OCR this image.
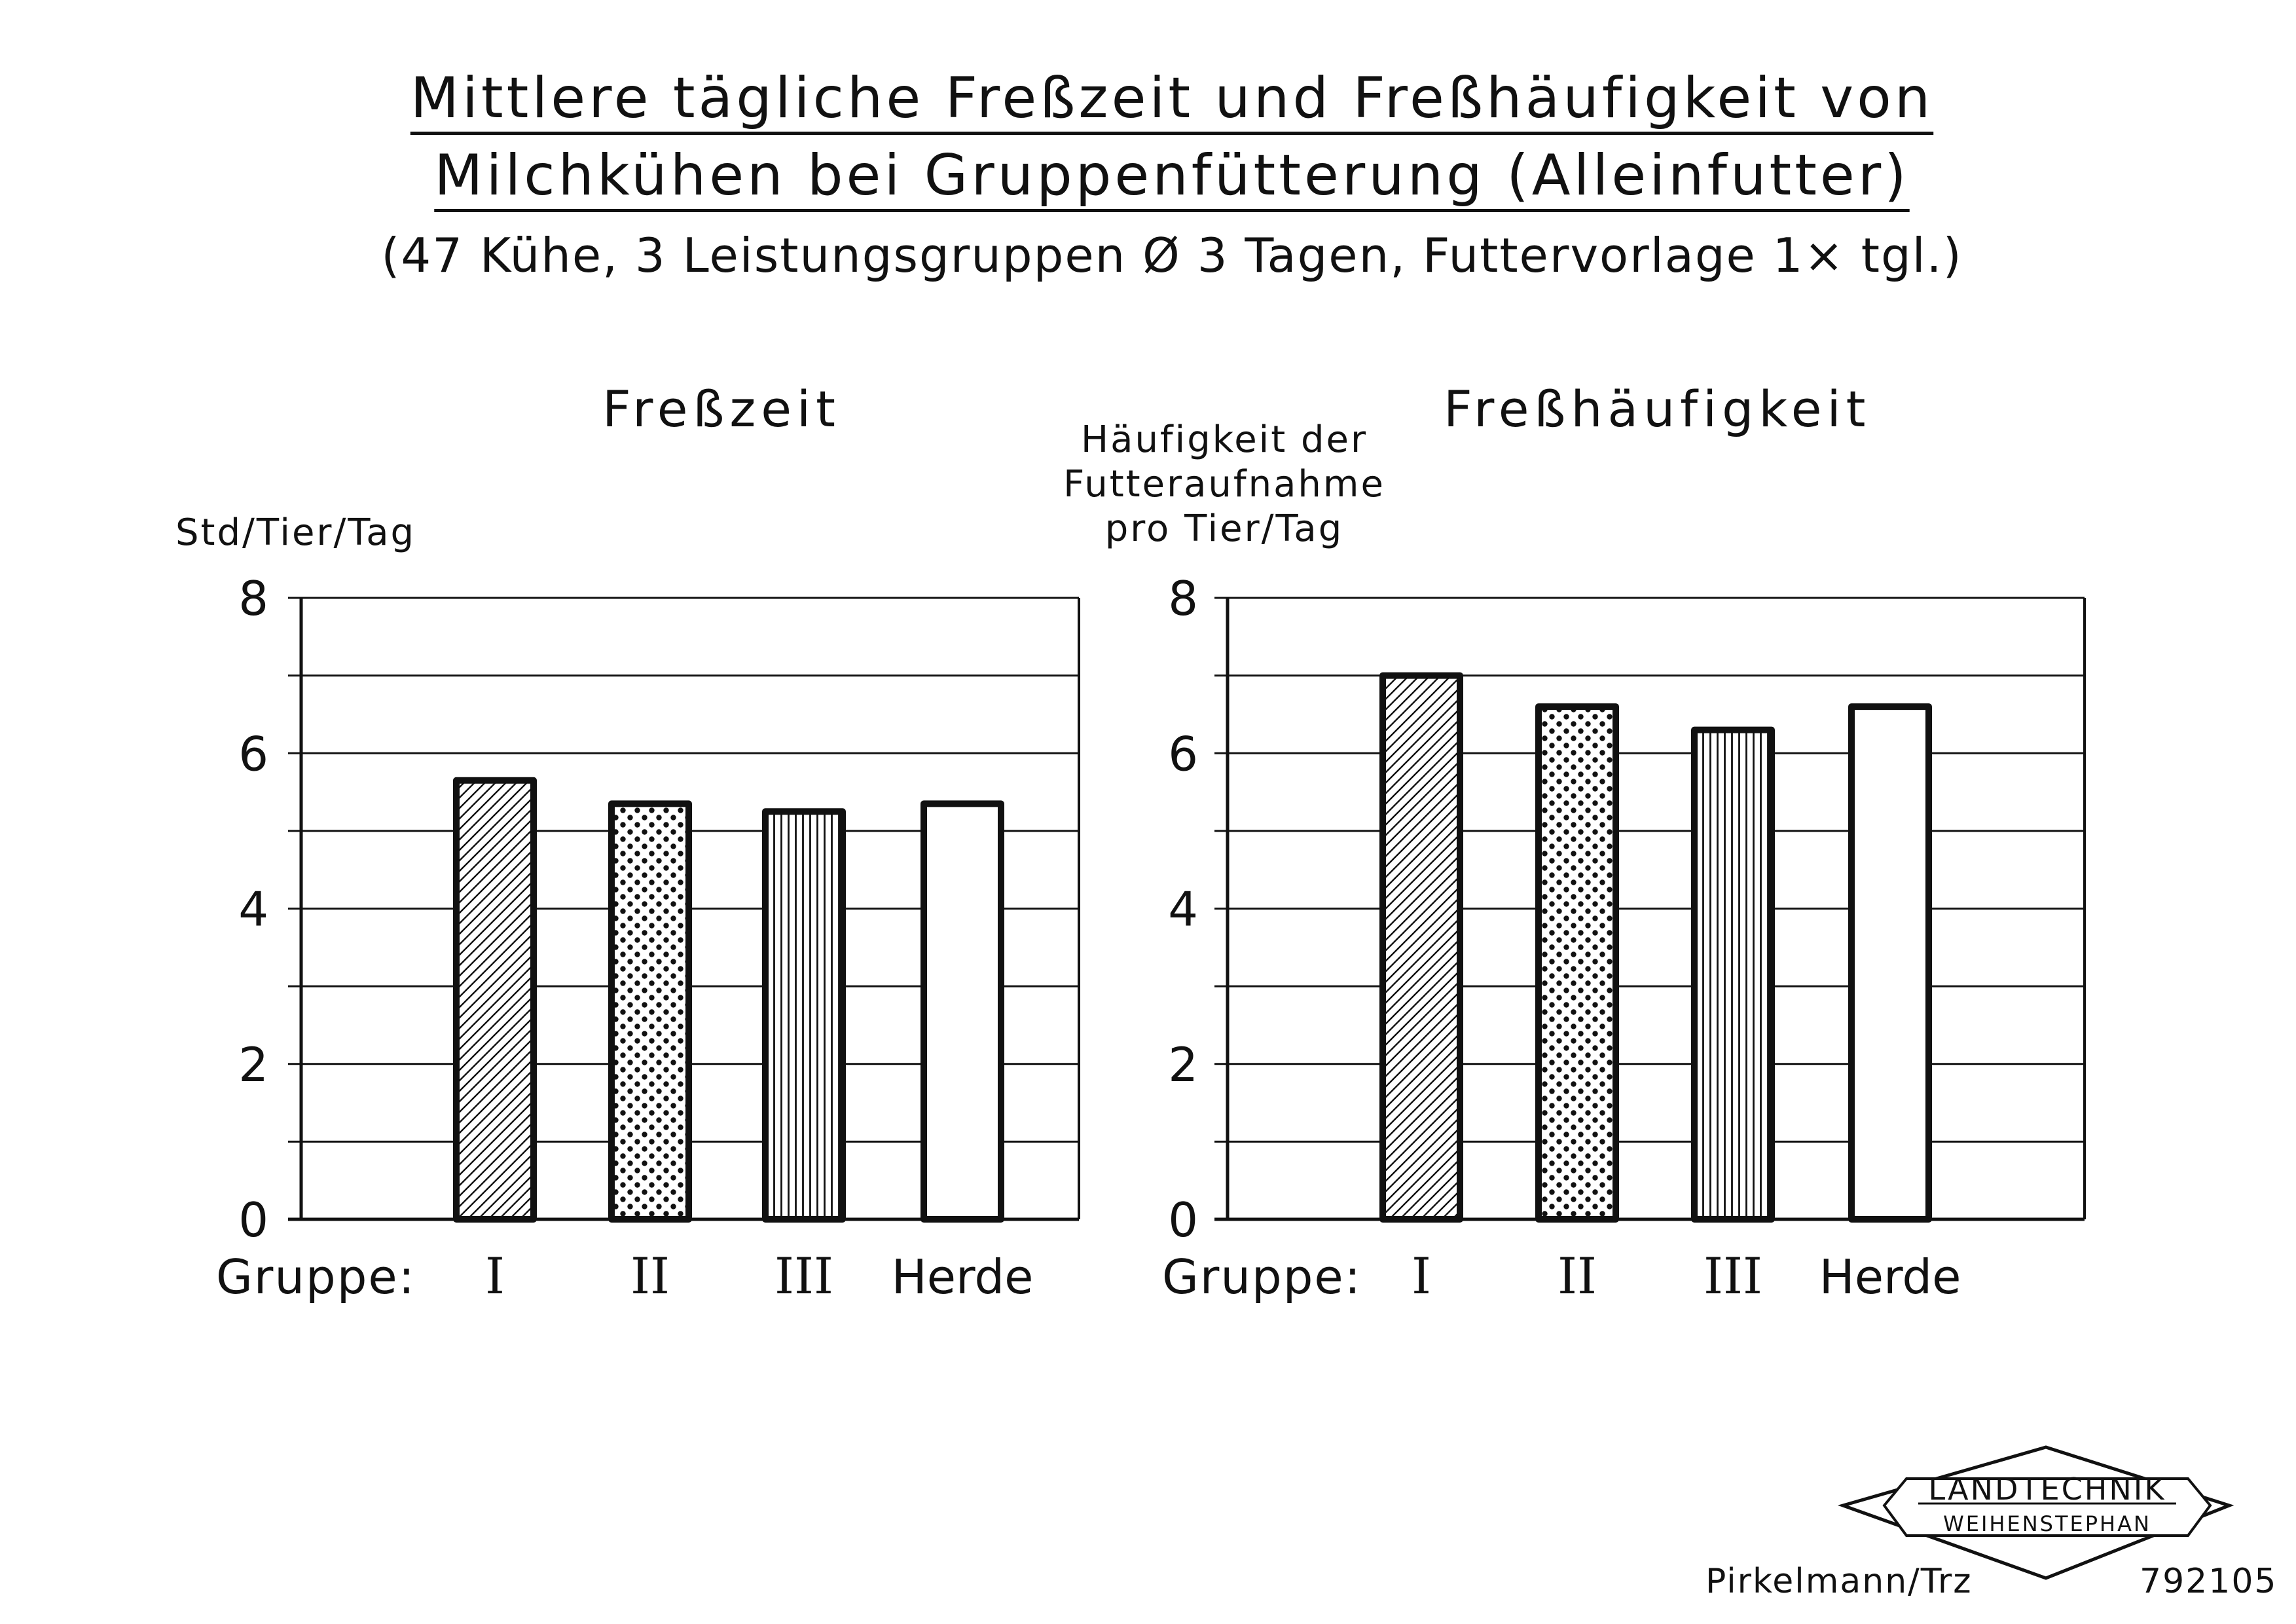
Mittlere tägliche Freßzeit und Freßhäufigkeit von
Milchkühen bei Gruppenfütterung (Alleinfutter)
(47 Kühe, 3 Leistungsgruppen Ø 3 Tagen, Futtervorlage 1× tgl.)
Freßzeit	Freßhäufigkeit
Std/Tier/Tag
Häufigkeit der
Futteraufnahme
pro Tier/Tag
0
2
4
6
8
Gruppe: I	II III Herde
0
2
4
6
8
Gruppe: I	II III Herde
LANDTECHNIK
WEIHENSTEPHAN
Pirkelmann/Trz	792105
